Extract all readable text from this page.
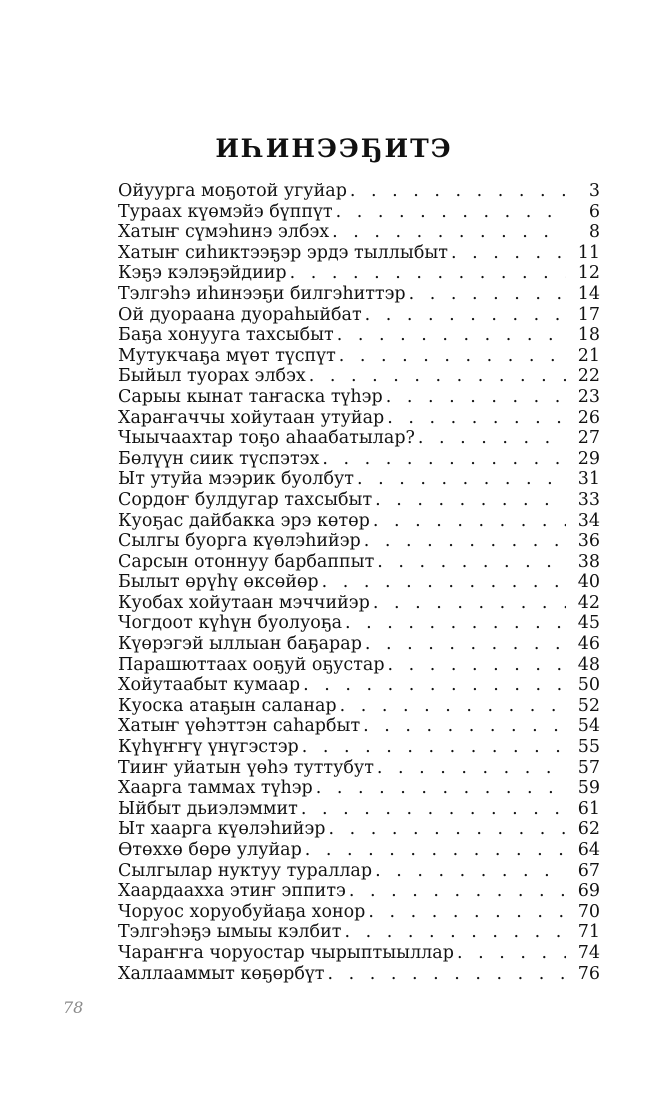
ИҺИНЭЭҔИТЭ
Ойуурга моҕотой угуйар . . .	3
Тураах күөмэйэ бүппүт . . .	6
Хатыҥ сүмэһинэ элбэх . . .	8
Хатыҥ сиһиктээҕэр эрдэ тыллыбыт . . .	11
Кэҕэ кэлэҕэйдиир . . .	12
Тэлгэһэ иһинээҕи билгэһиттэр . . .	14
Ой дуораана дуораһыйбат . . .	17
Баҕа хонууга тахсыбыт . . .	18
Мутукчаҕа мүөт түспүт . . .	21
Быйыл туорах элбэх . . .	22
Сарыы кынат таҥаска түһэр . . .	23
Хараҥаччы хойутаан утуйар . . .	26
Чыычаахтар тоҕо аһаабатылар? . . .	27
Бөлүүн сиик түспэтэх . . .	29
Ыт утуйа мээрик буолбут . . .	31
Сордоҥ булдугар тахсыбыт . . .	33
Куоҕас дайбакка эрэ көтөр . . .	34
Сылгы буорга күөлэһийэр . . .	36
Сарсын отоннуу барбаппыт . . .	38
Былыт өрүһү өксөйөр . . .	40
Куобах хойутаан мэччийэр . . .	42
Чогдоот күһүн буолуоҕа . . .	45
Күөрэгэй ыллыан баҕарар . . .	46
Парашюттаах ооҕуй оҕустар . . .	48
Хойутаабыт кумаар . . .	50
Куоска атаҕын саланар . . .	52
Хатыҥ үөһэттэн саһарбыт . . .	54
Күһүҥҥү үнүгэстэр . . .	55
Тииҥ уйатын үөһэ туттубут . . .	57
Хаарга таммах түһэр . . .	59
Ыйбыт дьиэлэммит . . .	61
Ыт хаарга күөлэһийэр . . .	62
Өтөххө бөрө улуйар . . .	64
Сылгылар нуктуу тураллар . . .	67
Хаардаахха этиҥ эппитэ . . .	69
Чоруос хоруобуйаҕа хонор . . .	70
Тэлгэһэҕэ ымыы кэлбит . . .	71
Чараҥҥа чоруостар чырыптыыллар . . .	74
Халлааммыт көҕөрбүт . . .	76
78
